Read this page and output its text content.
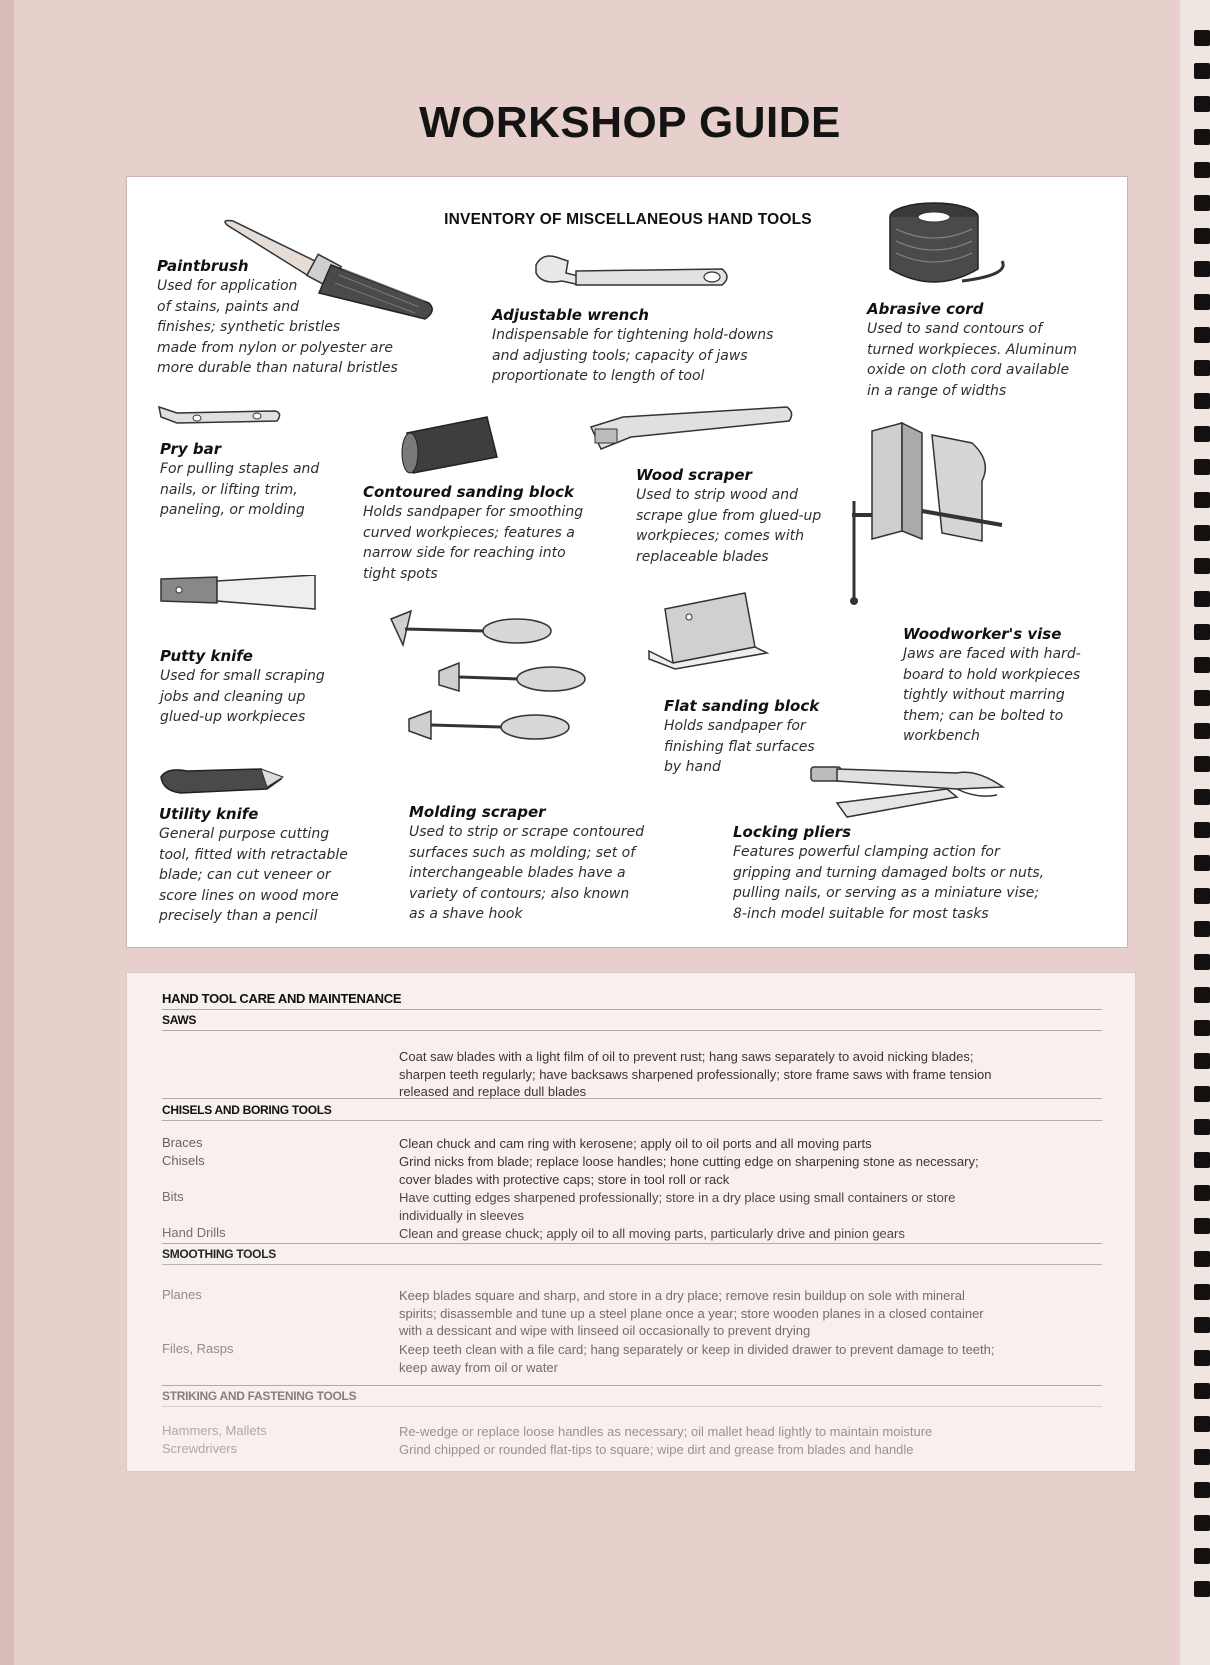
WORKSHOP GUIDE
INVENTORY OF MISCELLANEOUS HAND TOOLS

Paintbrush

Used for application
of stains, paints and
finishes; synthetic bristles
made from nylon or polyester are
more durable than natural bristles

Adjustable wrench

Indispensable for tightening hold-downs
and adjusting tools; capacity of jaws
proportionate to length of tool

Abrasive cord

Used to sand contours of
turned workpieces. Aluminum
oxide on cloth cord available
in a range of widths

Pry bar

For pulling staples and
nails, or lifting trim,
paneling, or molding

Contoured sanding block

Holds sandpaper for smoothing
curved workpieces; features a
narrow side for reaching into
tight spots

Wood scraper

Used to strip wood and
scrape glue from glued-up
workpieces; comes with
replaceable blades

Woodworker's vise

Jaws are faced with hard-
board to hold workpieces
tightly without marring
them; can be bolted to
workbench

Putty knife

Used for small scraping
jobs and cleaning up
glued-up workpieces

Flat sanding block

Holds sandpaper for
finishing flat surfaces
by hand

Utility knife

General purpose cutting
tool, fitted with retractable
blade; can cut veneer or
score lines on wood more
precisely than a pencil

Molding scraper

Used to strip or scrape contoured
surfaces such as molding; set of
interchangeable blades have a
variety of contours; also known
as a shave hook

Locking pliers

Features powerful clamping action for
gripping and turning damaged bolts or nuts,
pulling nails, or serving as a miniature vise;
8-inch model suitable for most tasks

HAND TOOL CARE AND MAINTENANCE
SAWS
Coat saw blades with a light film of oil to prevent rust; hang saws separately to avoid nicking blades;
sharpen teeth regularly; have backsaws sharpened professionally; store frame saws with frame tension
released and replace dull blades
CHISELS AND BORING TOOLS
Braces	Clean chuck and cam ring with kerosene; apply oil to oil ports and all moving parts
Chisels	Grind nicks from blade; replace loose handles; hone cutting edge on sharpening stone as necessary;
cover blades with protective caps; store in tool roll or rack
Bits	Have cutting edges sharpened professionally; store in a dry place using small containers or store
individually in sleeves
Hand Drills	Clean and grease chuck; apply oil to all moving parts, particularly drive and pinion gears
SMOOTHING TOOLS
Planes	Keep blades square and sharp, and store in a dry place; remove resin buildup on sole with mineral
spirits; disassemble and tune up a steel plane once a year; store wooden planes in a closed container
with a dessicant and wipe with linseed oil occasionally to prevent drying
Files, Rasps	Keep teeth clean with a file card; hang separately or keep in divided drawer to prevent damage to teeth;
keep away from oil or water
STRIKING AND FASTENING TOOLS
Hammers, Mallets	Re-wedge or replace loose handles as necessary; oil mallet head lightly to maintain moisture
Screwdrivers	Grind chipped or rounded flat-tips to square; wipe dirt and grease from blades and handle
